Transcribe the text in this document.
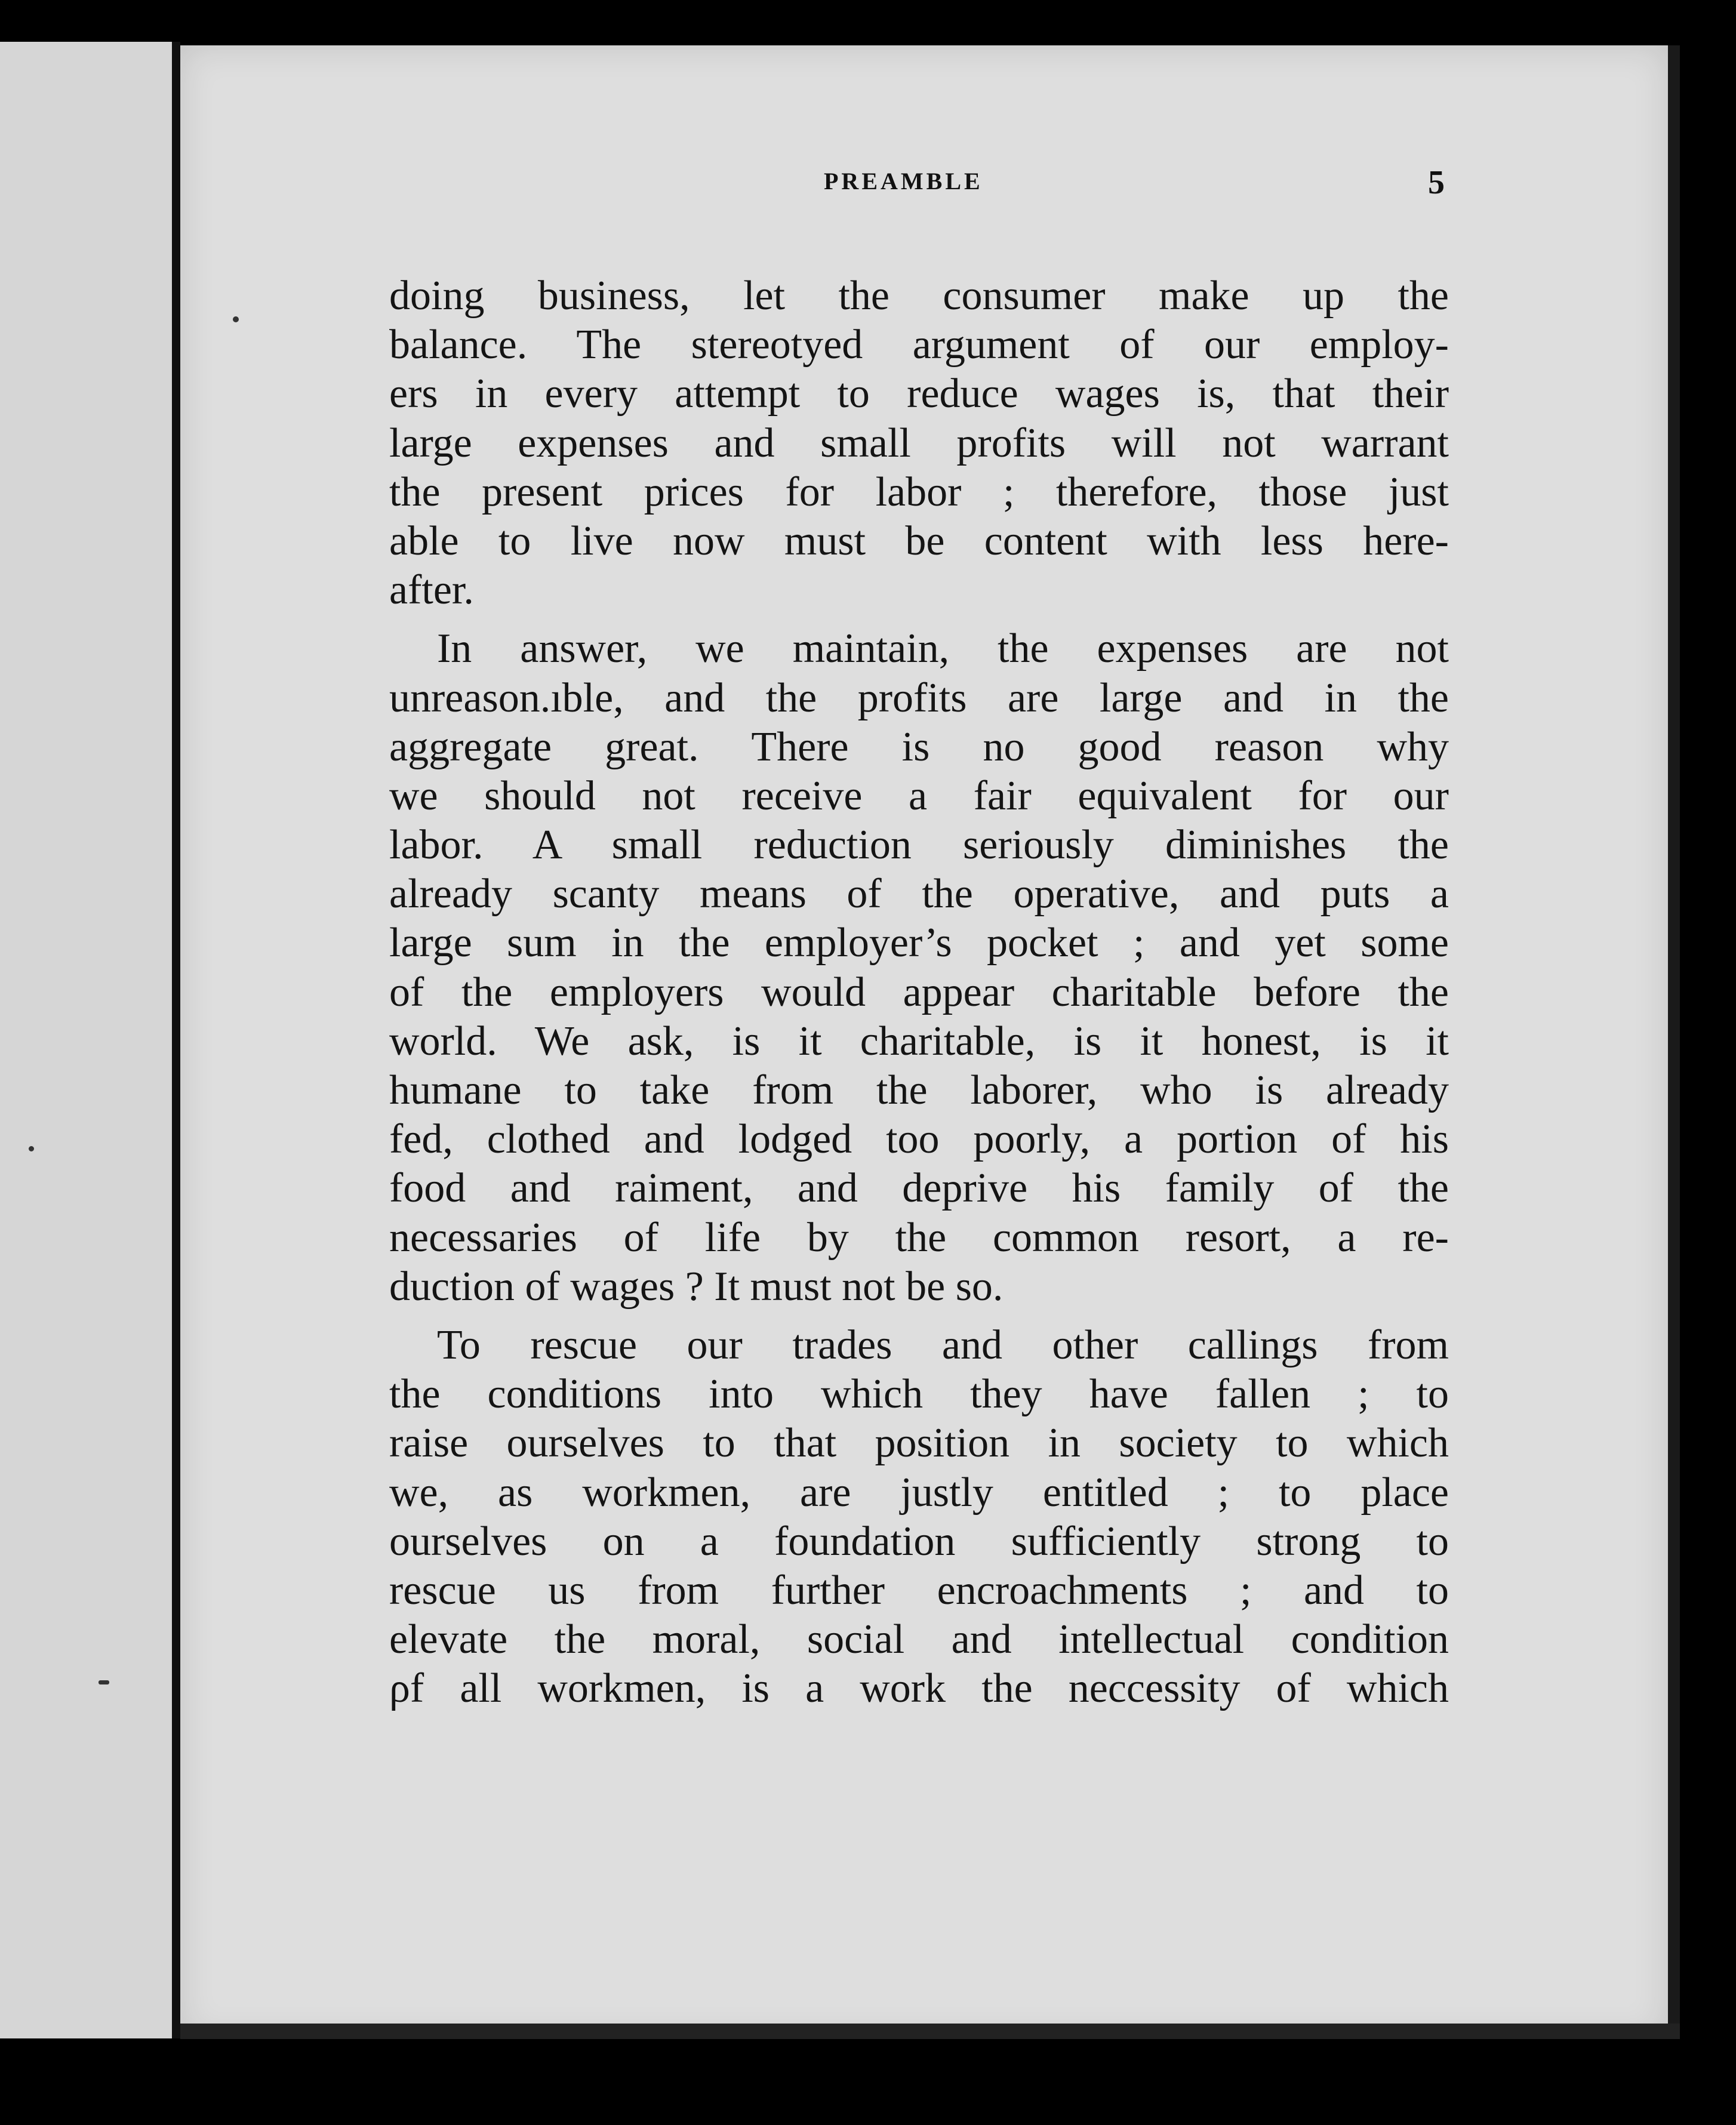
PREAMBLE	5
doing business, let the consumer make up the
balance. The stereotyed argument of our employ-
ers in every attempt to reduce wages is, that their
large expenses and small profits will not warrant
the present prices for labor ; therefore, those just
able to live now must be content with less here-
after.
In answer, we maintain, the expenses are not
unreason.ıble, and the profits are large and in the
aggregate great. There is no good reason why
we should not receive a fair equivalent for our
labor. A small reduction seriously diminishes the
already scanty means of the operative, and puts a
large sum in the employer’s pocket ; and yet some
of the employers would appear charitable before the
world. We ask, is it charitable, is it honest, is it
humane to take from the laborer, who is already
fed, clothed and lodged too poorly, a portion of his
food and raiment, and deprive his family of the
necessaries of life by the common resort, a re-
duction of wages ? It must not be so.
To rescue our trades and other callings from
the conditions into which they have fallen ; to
raise ourselves to that position in society to which
we, as workmen, are justly entitled ; to place
ourselves on a foundation sufficiently strong to
rescue us from further encroachments ; and to
elevate the moral, social and intellectual condition
ρf all workmen, is a work the neccessity of which
